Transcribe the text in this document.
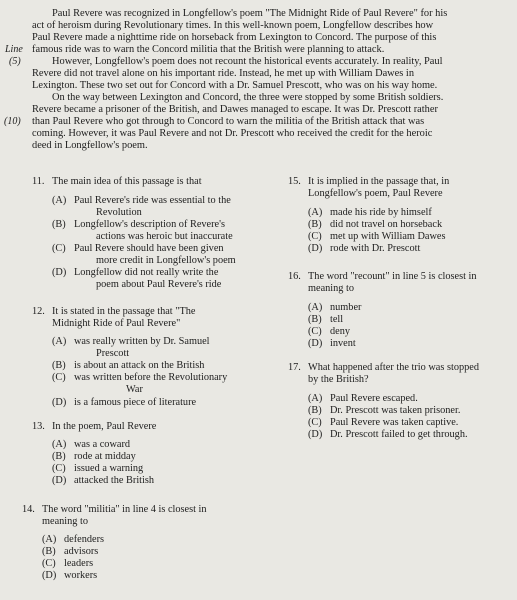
Paul Revere was recognized in Longfellow's poem "The Midnight Ride of Paul Revere" for his
act of heroism during Revolutionary times. In this well-known poem, Longfellow describes how
Paul Revere made a nighttime ride on horseback from Lexington to Concord. The purpose of this
famous ride was to warn the Concord militia that the British were planning to attack.
However, Longfellow's poem does not recount the historical events accurately. In reality, Paul
Revere did not travel alone on his important ride. Instead, he met up with William Dawes in
Lexington. These two set out for Concord with a Dr. Samuel Prescott, who was on his way home.
On the way between Lexington and Concord, the three were stopped by some British soldiers.
Revere became a prisoner of the British, and Dawes managed to escape. It was Dr. Prescott rather
than Paul Revere who got through to Concord to warn the militia of the British attack that was
coming. However, it was Paul Revere and not Dr. Prescott who received the credit for the heroic
deed in Longfellow's poem.
Line
(5)
(10)
11. The main idea of this passage is that
(A) Paul Revere's ride was essential to the
Revolution
(B) Longfellow's description of Revere's
actions was heroic but inaccurate
(C) Paul Revere should have been given
more credit in Longfellow's poem
(D) Longfellow did not really write the
poem about Paul Revere's ride
12. It is stated in the passage that "The
Midnight Ride of Paul Revere"
(A) was really written by Dr. Samuel
Prescott
(B) is about an attack on the British
(C) was written before the Revolutionary
War
(D) is a famous piece of literature
13. In the poem, Paul Revere
(A) was a coward
(B) rode at midday
(C) issued a warning
(D) attacked the British
14. The word "militia" in line 4 is closest in
meaning to
(A) defenders
(B) advisors
(C) leaders
(D) workers
15. It is implied in the passage that, in
Longfellow's poem, Paul Revere
(A) made his ride by himself
(B) did not travel on horseback
(C) met up with William Dawes
(D) rode with Dr. Prescott
16. The word "recount" in line 5 is closest in
meaning to
(A) number
(B) tell
(C) deny
(D) invent
17. What happened after the trio was stopped
by the British?
(A) Paul Revere escaped.
(B) Dr. Prescott was taken prisoner.
(C) Paul Revere was taken captive.
(D) Dr. Prescott failed to get through.
